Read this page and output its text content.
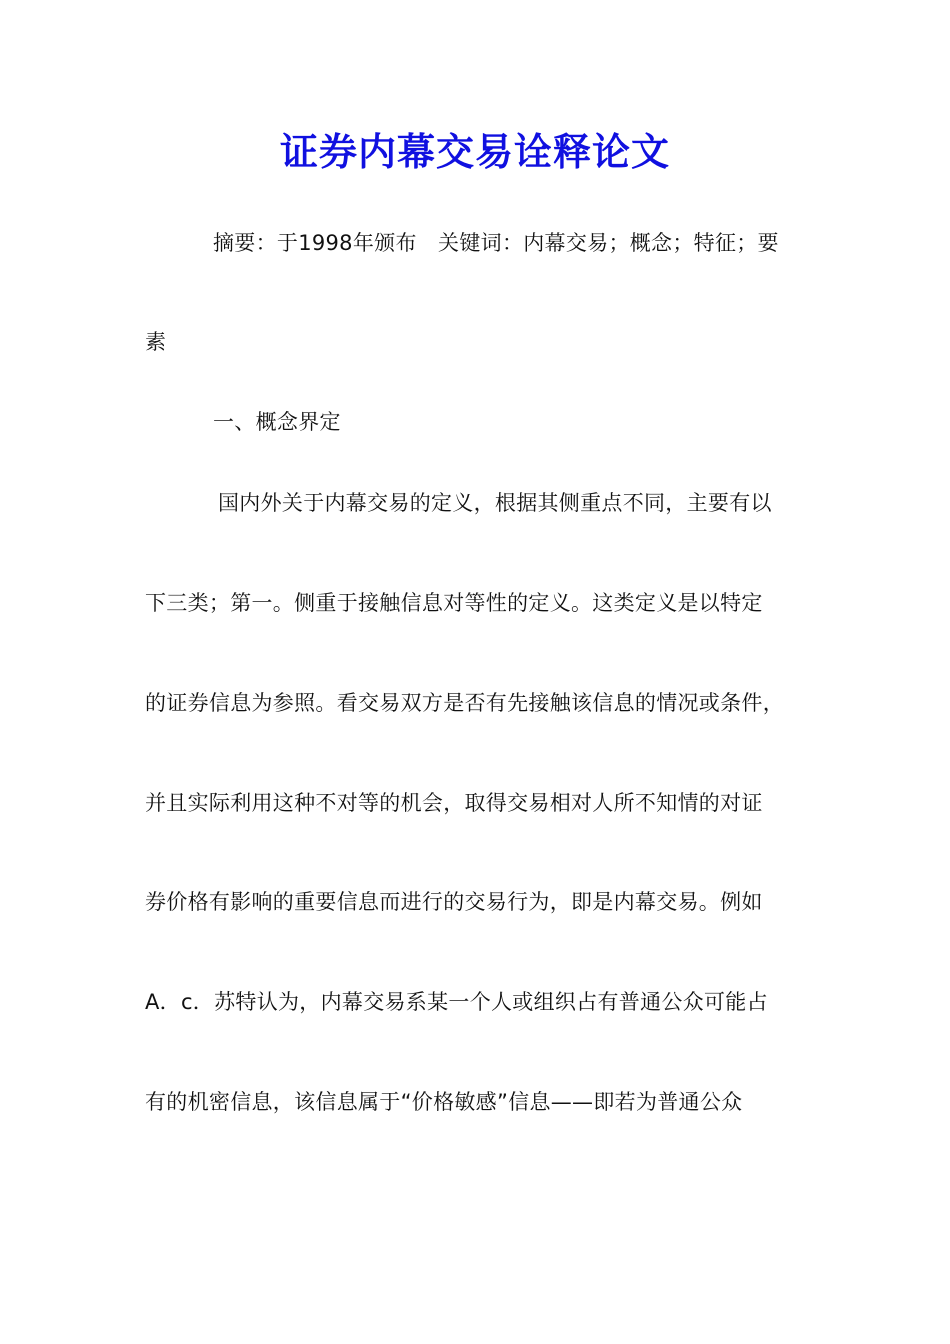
证券内幕交易诠释论文
摘要：于1998年颁布　关键词：内幕交易；概念；特征；要
素
一、概念界定
国内外关于内幕交易的定义，根据其侧重点不同，主要有以
下三类；第一。侧重于接触信息对等性的定义。这类定义是以特定
的证券信息为参照。看交易双方是否有先接触该信息的情况或条件，
并且实际利用这种不对等的机会，取得交易相对人所不知情的对证
券价格有影响的重要信息而进行的交易行为，即是内幕交易。例如
A．c．苏特认为，内幕交易系某一个人或组织占有普通公众可能占
有的机密信息，该信息属于“价格敏感”信息——即若为普通公众
